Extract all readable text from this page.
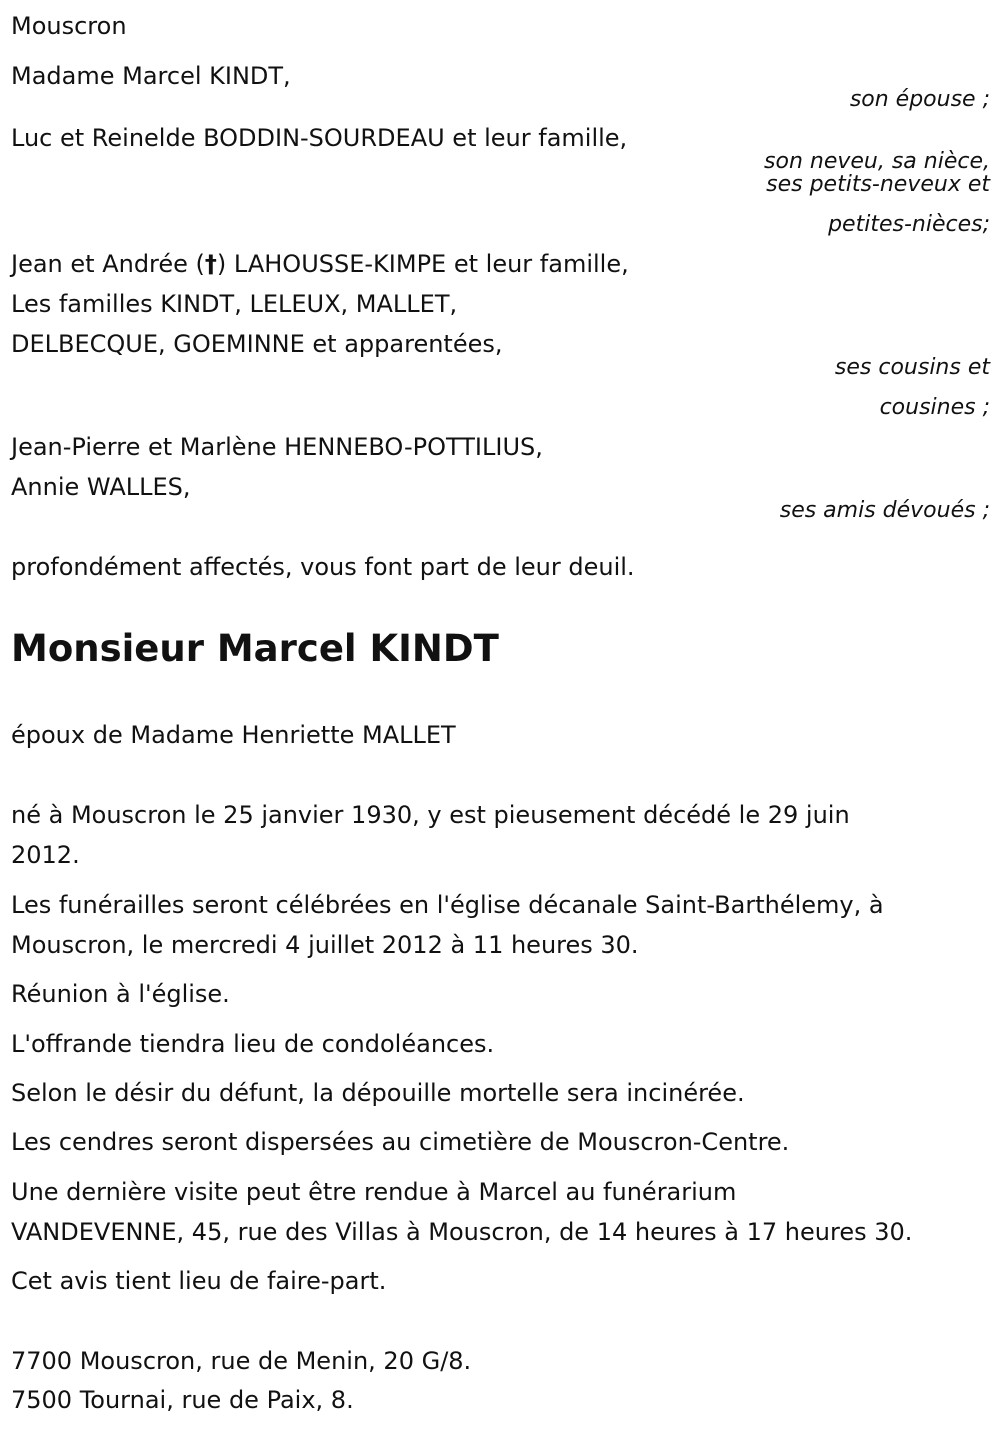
Mouscron

Madame Marcel KINDT,

son épouse ;

Luc et Reinelde BODDIN-SOURDEAU et leur famille,

son neveu, sa nièce,

ses petits-neveux et

petites-nièces;

Jean et Andrée (†) LAHOUSSE-KIMPE et leur famille,

Les familles KINDT, LELEUX, MALLET,

DELBECQUE, GOEMINNE et apparentées,

ses cousins et

cousines ;

Jean-Pierre et Marlène HENNEBO-POTTILIUS,

Annie WALLES,

ses amis dévoués ;

profondément affectés, vous font part de leur deuil.

Monsieur Marcel KINDT

époux de Madame Henriette MALLET

né à Mouscron le 25 janvier 1930, y est pieusement décédé le 29 juin

2012.

Les funérailles seront célébrées en l'église décanale Saint-Barthélemy, à

Mouscron, le mercredi 4 juillet 2012 à 11 heures 30.

Réunion à l'église.

L'offrande tiendra lieu de condoléances.

Selon le désir du défunt, la dépouille mortelle sera incinérée.

Les cendres seront dispersées au cimetière de Mouscron-Centre.

Une dernière visite peut être rendue à Marcel au funérarium

VANDEVENNE, 45, rue des Villas à Mouscron, de 14 heures à 17 heures 30.

Cet avis tient lieu de faire-part.

7700 Mouscron, rue de Menin, 20 G/8.

7500 Tournai, rue de Paix, 8.
